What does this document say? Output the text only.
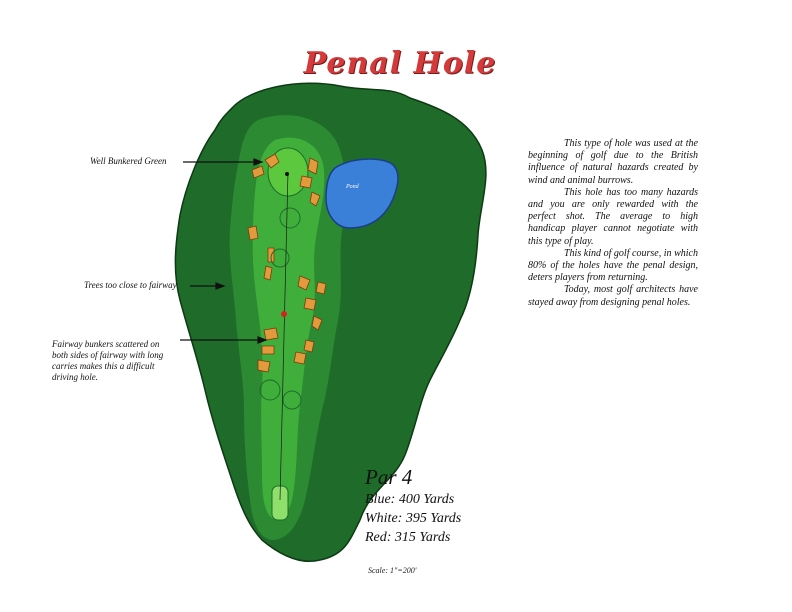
Pond
Penal Hole
Well Bunkered Green
Trees too close to fairway
Fairway bunkers scattered on both sides of fairway with long carries makes this a difficult driving hole.

This type of hole was used at the beginning of golf due to the British influence of natural hazards created by wind and animal burrows.

This hole has too many hazards and you are only rewarded with the perfect shot. The average to high handicap player cannot negotiate with this type of play.

This kind of golf course, in which 80% of the holes have the penal design, deters players from returning.

Today, most golf architects have stayed away from designing penal holes.

Par 4
Blue: 400 Yards
White: 395 Yards
Red: 315 Yards
Scale: 1"=200'
